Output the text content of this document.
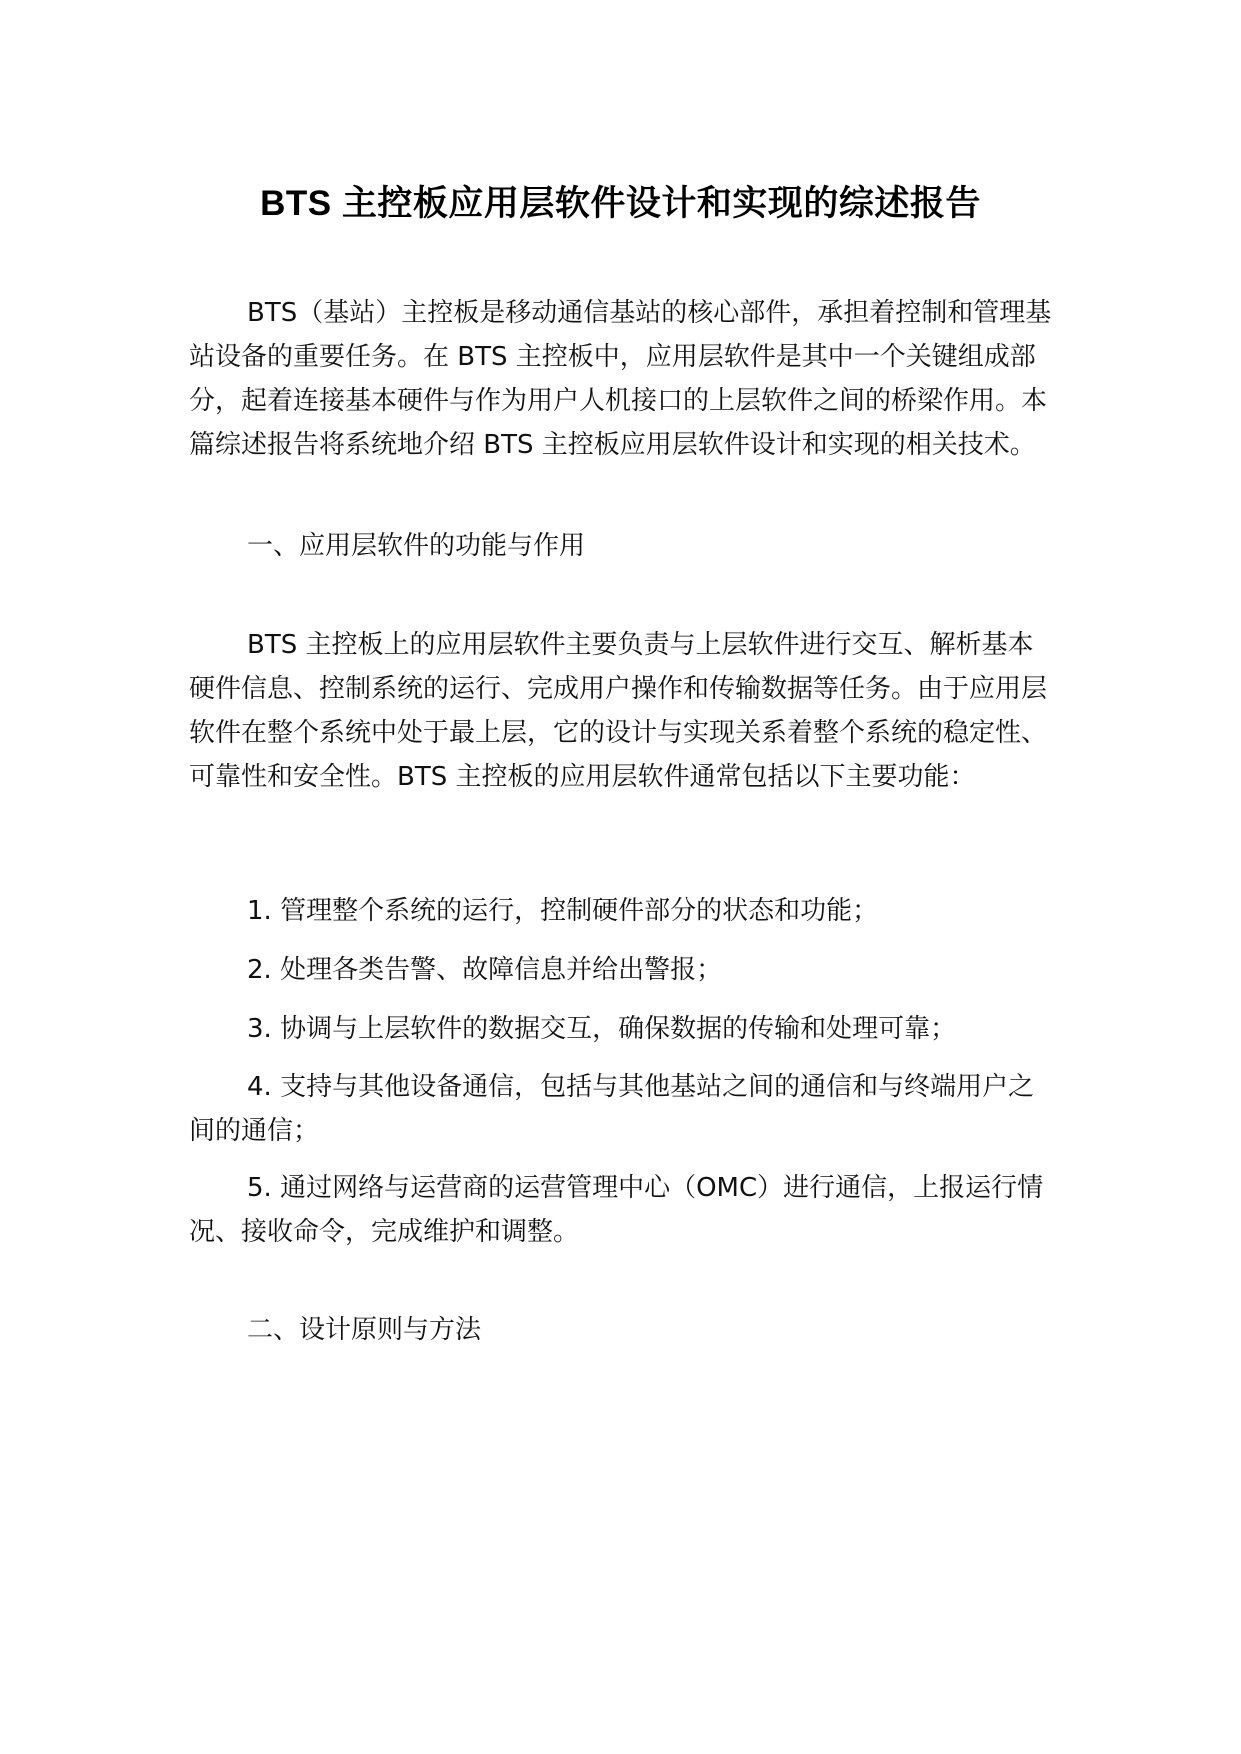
BTS 主控板应用层软件设计和实现的综述报告

BTS（基站）主控板是移动通信基站的核心部件，承担着控制和管理基站设备的重要任务。在 BTS 主控板中，应用层软件是其中一个关键组成部分，起着连接基本硬件与作为用户人机接口的上层软件之间的桥梁作用。本篇综述报告将系统地介绍 BTS 主控板应用层软件设计和实现的相关技术。

一、应用层软件的功能与作用

BTS 主控板上的应用层软件主要负责与上层软件进行交互、解析基本硬件信息、控制系统的运行、完成用户操作和传输数据等任务。由于应用层软件在整个系统中处于最上层，它的设计与实现关系着整个系统的稳定性、可靠性和安全性。BTS 主控板的应用层软件通常包括以下主要功能：

1. 管理整个系统的运行，控制硬件部分的状态和功能；

2. 处理各类告警、故障信息并给出警报；

3. 协调与上层软件的数据交互，确保数据的传输和处理可靠；

4. 支持与其他设备通信，包括与其他基站之间的通信和与终端用户之间的通信；

5. 通过网络与运营商的运营管理中心（OMC）进行通信，上报运行情况、接收命令，完成维护和调整。

二、设计原则与方法
